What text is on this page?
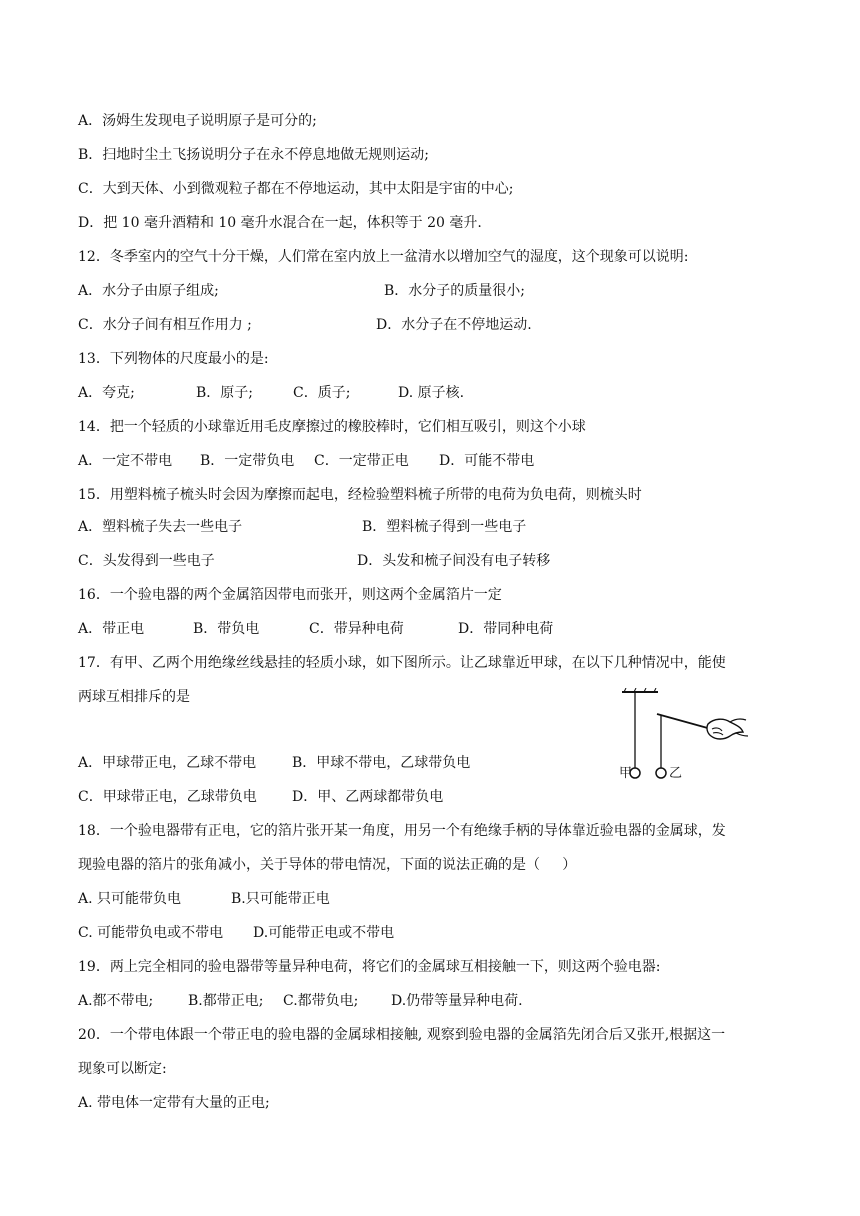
A．汤姆生发现电子说明原子是可分的;
B．扫地时尘土飞扬说明分子在永不停息地做无规则运动;
C．大到天体、小到微观粒子都在不停地运动，其中太阳是宇宙的中心;
D．把 10 毫升酒精和 10 毫升水混合在一起，体积等于 20 毫升.
12．冬季室内的空气十分干燥，人们常在室内放上一盆清水以增加空气的湿度，这个现象可以说明:
A．水分子由原子组成;	B．水分子的质量很小;
C．水分子间有相互作用力 ;	D．水分子在不停地运动.
13．下列物体的尺度最小的是:
A．夸克;	B．原子;	C．质子;	D. 原子核.
14．把一个轻质的小球靠近用毛皮摩擦过的橡胶棒时，它们相互吸引，则这个小球
A．一定不带电 B．一定带负电 C．一定带正电 D．可能不带电
15．用塑料梳子梳头时会因为摩擦而起电，经检验塑料梳子所带的电荷为负电荷，则梳头时
A．塑料梳子失去一些电子	B．塑料梳子得到一些电子
C．头发得到一些电子	D．头发和梳子间没有电子转移
16．一个验电器的两个金属箔因带电而张开，则这两个金属箔片一定
A．带正电	B．带负电	C．带异种电荷	D．带同种电荷
17．有甲、乙两个用绝缘丝线悬挂的轻质小球，如下图所示。让乙球靠近甲球，在以下几种情况中，能使
两球互相排斥的是
A．甲球带正电，乙球不带电	B．甲球不带电，乙球带负电
C．甲球带正电，乙球带负电	D．甲、乙两球都带负电
甲	乙
18．一个验电器带有正电，它的箔片张开某一角度，用另一个有绝缘手柄的导体靠近验电器的金属球，发
现验电器的箔片的张角减小，关于导体的带电情况，下面的说法正确的是（     ）
A. 只可能带负电	B.只可能带正电
C. 可能带负电或不带电 D.可能带正电或不带电
19．两上完全相同的验电器带等量异种电荷，将它们的金属球互相接触一下，则这两个验电器:
A.都不带电; B.都带正电; C.都带负电; D.仍带等量异种电荷.
20．一个带电体跟一个带正电的验电器的金属球相接触, 观察到验电器的金属箔先闭合后又张开,根据这一
现象可以断定:
A. 带电体一定带有大量的正电;
